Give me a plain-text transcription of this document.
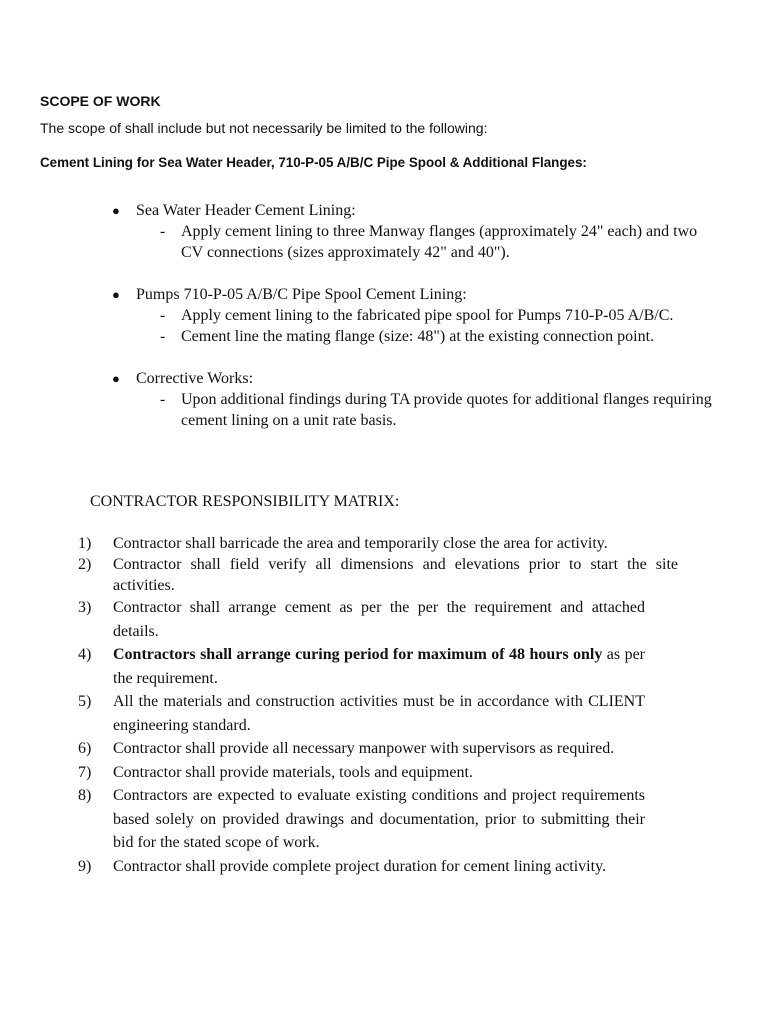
SCOPE OF WORK
The scope of shall include but not necessarily be limited to the following:
Cement Lining for Sea Water Header, 710-P-05 A/B/C Pipe Spool & Additional Flanges:
● Sea Water Header Cement Lining:
- Apply cement lining to three Manway flanges (approximately 24" each) and two CV connections (sizes approximately 42" and 40").
● Pumps 710-P-05 A/B/C Pipe Spool Cement Lining:
- Apply cement lining to the fabricated pipe spool for Pumps 710-P-05 A/B/C.
- Cement line the mating flange (size: 48") at the existing connection point.
● Corrective Works:
- Upon additional findings during TA provide quotes for additional flanges requiring cement lining on a unit rate basis.
CONTRACTOR RESPONSIBILITY MATRIX:
1) Contractor shall barricade the area and temporarily close the area for activity.
2) Contractor shall field verify all dimensions and elevations prior to start the site activities.
3) Contractor shall arrange cement as per the per the requirement and attached details.
4) Contractors shall arrange curing period for maximum of 48 hours only as per the requirement.
5) All the materials and construction activities must be in accordance with CLIENT engineering standard.
6) Contractor shall provide all necessary manpower with supervisors as required.
7) Contractor shall provide materials, tools and equipment.
8) Contractors are expected to evaluate existing conditions and project requirements based solely on provided drawings and documentation, prior to submitting their bid for the stated scope of work.
9) Contractor shall provide complete project duration for cement lining activity.
